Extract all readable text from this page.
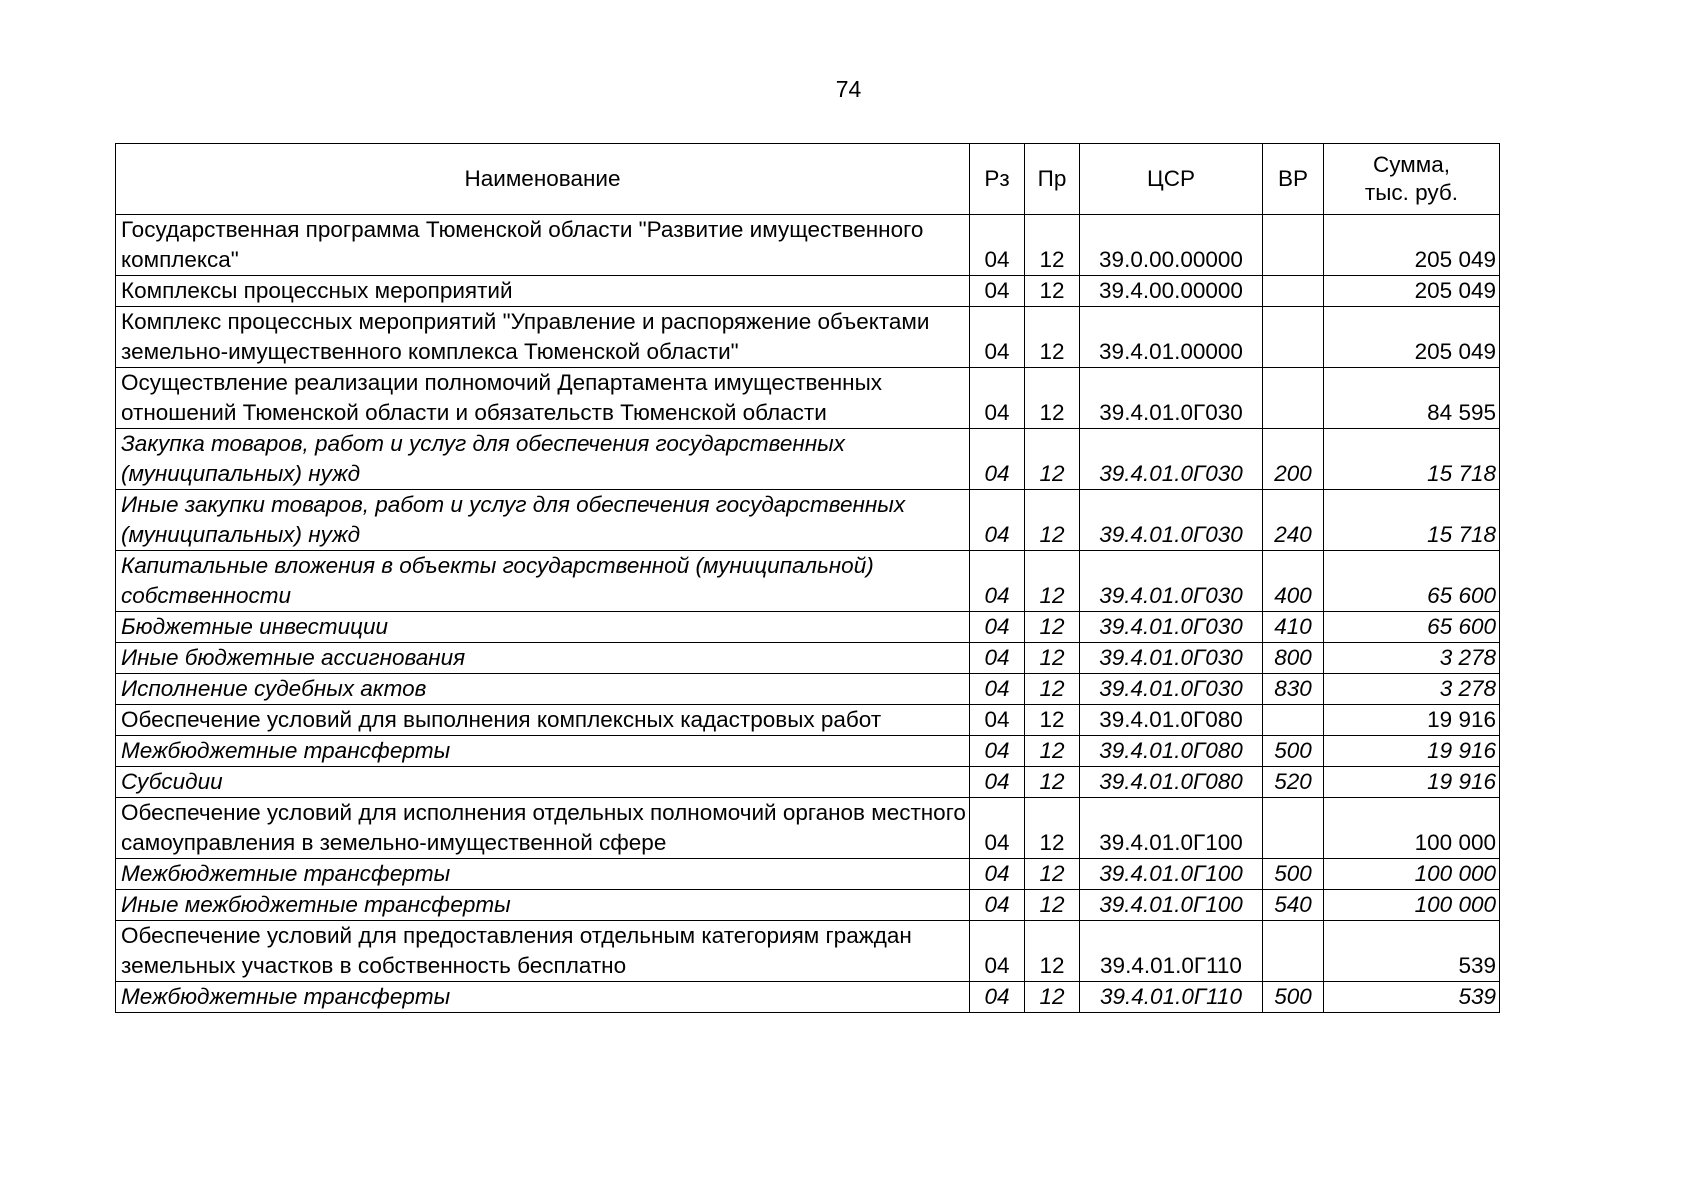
74
Наименование	Рз	Пр	ЦСР	ВР	Сумма,
тыс. руб.
Государственная программа Тюменской области "Развитие имущественного комплекса"	04	12	39.0.00.00000		205 049
Комплексы процессных мероприятий	04	12	39.4.00.00000		205 049
Комплекс процессных мероприятий "Управление и распоряжение объектами земельно-имущественного комплекса Тюменской области"	04	12	39.4.01.00000		205 049
Осуществление реализации полномочий Департамента имущественных отношений Тюменской области и обязательств Тюменской области	04	12	39.4.01.0Г030		84 595
Закупка товаров, работ и услуг для обеспечения государственных (муниципальных) нужд	04	12	39.4.01.0Г030	200	15 718
Иные закупки товаров, работ и услуг для обеспечения государственных (муниципальных) нужд	04	12	39.4.01.0Г030	240	15 718
Капитальные вложения в объекты государственной (муниципальной) собственности	04	12	39.4.01.0Г030	400	65 600
Бюджетные инвестиции	04	12	39.4.01.0Г030	410	65 600
Иные бюджетные ассигнования	04	12	39.4.01.0Г030	800	3 278
Исполнение судебных актов	04	12	39.4.01.0Г030	830	3 278
Обеспечение условий для выполнения комплексных кадастровых работ	04	12	39.4.01.0Г080		19 916
Межбюджетные трансферты	04	12	39.4.01.0Г080	500	19 916
Субсидии	04	12	39.4.01.0Г080	520	19 916
Обеспечение условий для исполнения отдельных полномочий органов местного самоуправления в земельно-имущественной сфере	04	12	39.4.01.0Г100		100 000
Межбюджетные трансферты	04	12	39.4.01.0Г100	500	100 000
Иные межбюджетные трансферты	04	12	39.4.01.0Г100	540	100 000
Обеспечение условий для предоставления отдельным категориям граждан земельных участков в собственность бесплатно	04	12	39.4.01.0Г110		539
Межбюджетные трансферты	04	12	39.4.01.0Г110	500	539
